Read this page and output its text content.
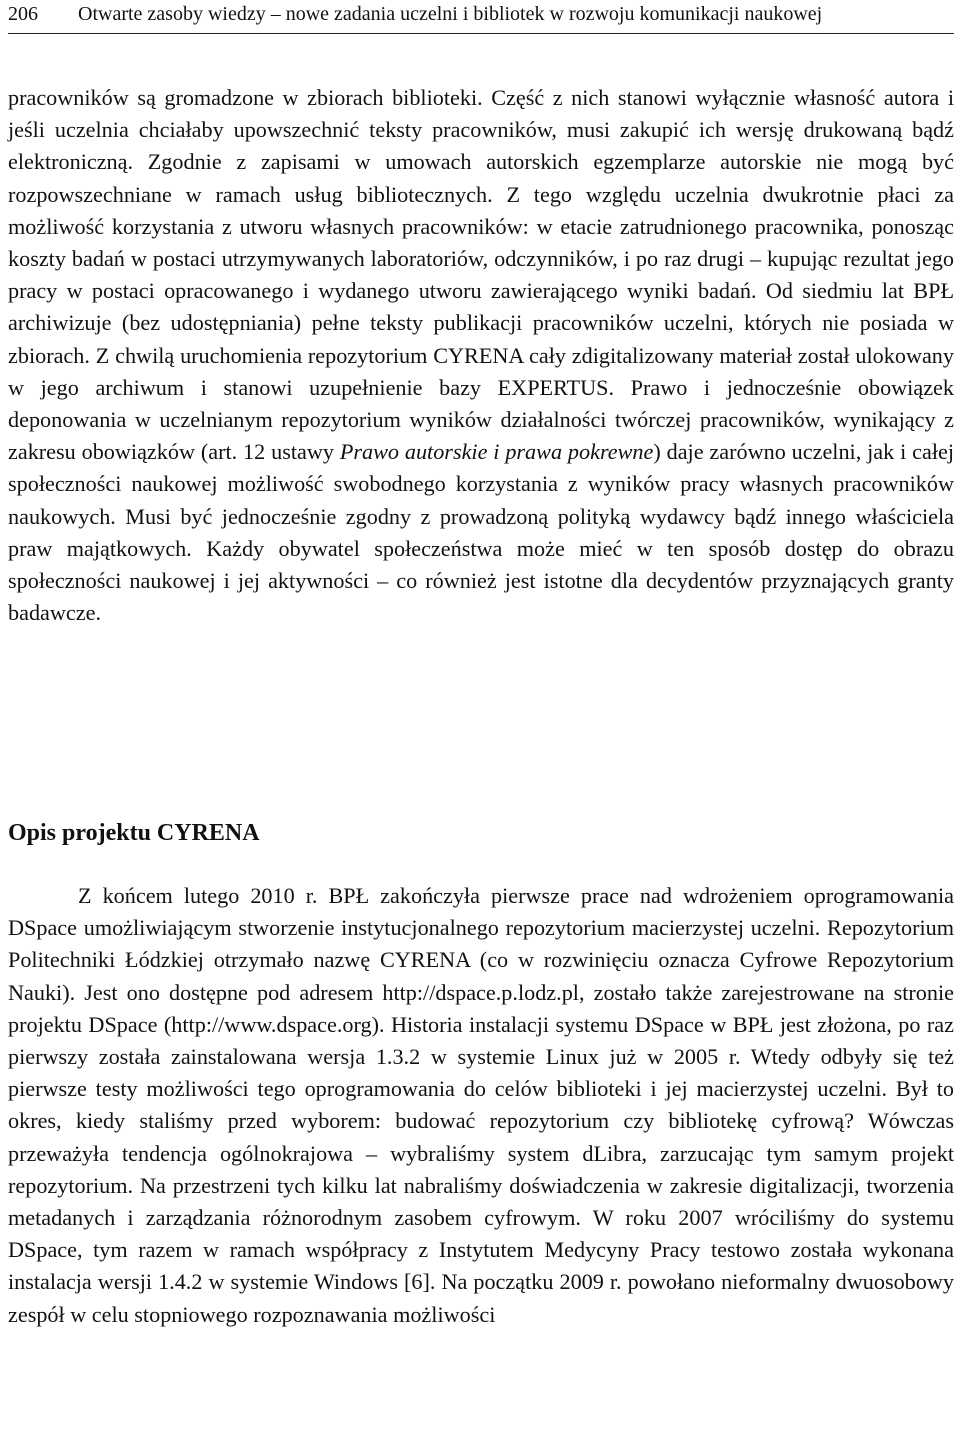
206 Otwarte zasoby wiedzy – nowe zadania uczelni i bibliotek w rozwoju komunikacji naukowej

pracowników są gromadzone w zbiorach biblioteki. Część z nich stanowi wyłącznie własność autora i jeśli uczelnia chciałaby upowszechnić teksty pracowników, musi zakupić ich wersję drukowaną bądź elektroniczną. Zgodnie z zapisami w umowach autorskich egzemplarze autorskie nie mogą być rozpowszechniane w ramach usług bibliotecznych. Z tego względu uczelnia dwukrotnie płaci za możliwość korzystania z utworu własnych pracowników: w etacie zatrudnionego pracownika, ponosząc koszty badań w postaci utrzymywanych laboratoriów, odczynników, i po raz drugi – kupując rezultat jego pracy w postaci opracowanego i wydanego utworu zawierającego wyniki badań. Od siedmiu lat BPŁ archiwizuje (bez udostępniania) pełne teksty publikacji pracowników uczelni, których nie posiada w zbiorach. Z chwilą uruchomienia repozytorium CYRENA cały zdigitalizowany materiał został ulokowany w jego archiwum i stanowi uzupełnienie bazy EXPERTUS. Prawo i jednocześnie obowiązek deponowania w uczelnianym repozytorium wyników działalności twórczej pracowników, wynikający z zakresu obowiązków (art. 12 ustawy Prawo autorskie i prawa pokrewne) daje zarówno uczelni, jak i całej społeczności naukowej możliwość swobodnego korzystania z wyników pracy własnych pracowników naukowych. Musi być jednocześnie zgodny z prowadzoną polityką wydawcy bądź innego właściciela praw majątkowych. Każdy obywatel społeczeństwa może mieć w ten sposób dostęp do obrazu społeczności naukowej i jej aktywności – co również jest istotne dla decydentów przyznających granty badawcze.

Opis projektu CYRENA

Z końcem lutego 2010 r. BPŁ zakończyła pierwsze prace nad wdrożeniem oprogramowania DSpace umożliwiającym stworzenie instytucjonalnego repozytorium macierzystej uczelni. Repozytorium Politechniki Łódzkiej otrzymało nazwę CYRENA (co w rozwinięciu oznacza Cyfrowe Repozytorium Nauki). Jest ono dostępne pod adresem http://dspace.p.lodz.pl, zostało także zarejestrowane na stronie projektu DSpace (http://www.dspace.org). Historia instalacji systemu DSpace w BPŁ jest złożona, po raz pierwszy została zainstalowana wersja 1.3.2 w systemie Linux już w 2005 r. Wtedy odbyły się też pierwsze testy możliwości tego oprogramowania do celów biblioteki i jej macierzystej uczelni. Był to okres, kiedy staliśmy przed wyborem: budować repozytorium czy bibliotekę cyfrową? Wówczas przeważyła tendencja ogólnokrajowa – wybraliśmy system dLibra, zarzucając tym samym projekt repozytorium. Na przestrzeni tych kilku lat nabraliśmy doświadczenia w zakresie digitalizacji, tworzenia metadanych i zarządzania różnorodnym zasobem cyfrowym. W roku 2007 wróciliśmy do systemu DSpace, tym razem w ramach współpracy z Instytutem Medycyny Pracy testowo została wykonana instalacja wersji 1.4.2 w systemie Windows [6]. Na początku 2009 r. powołano nieformalny dwuosobowy zespół w celu stopniowego rozpoznawania możliwości
